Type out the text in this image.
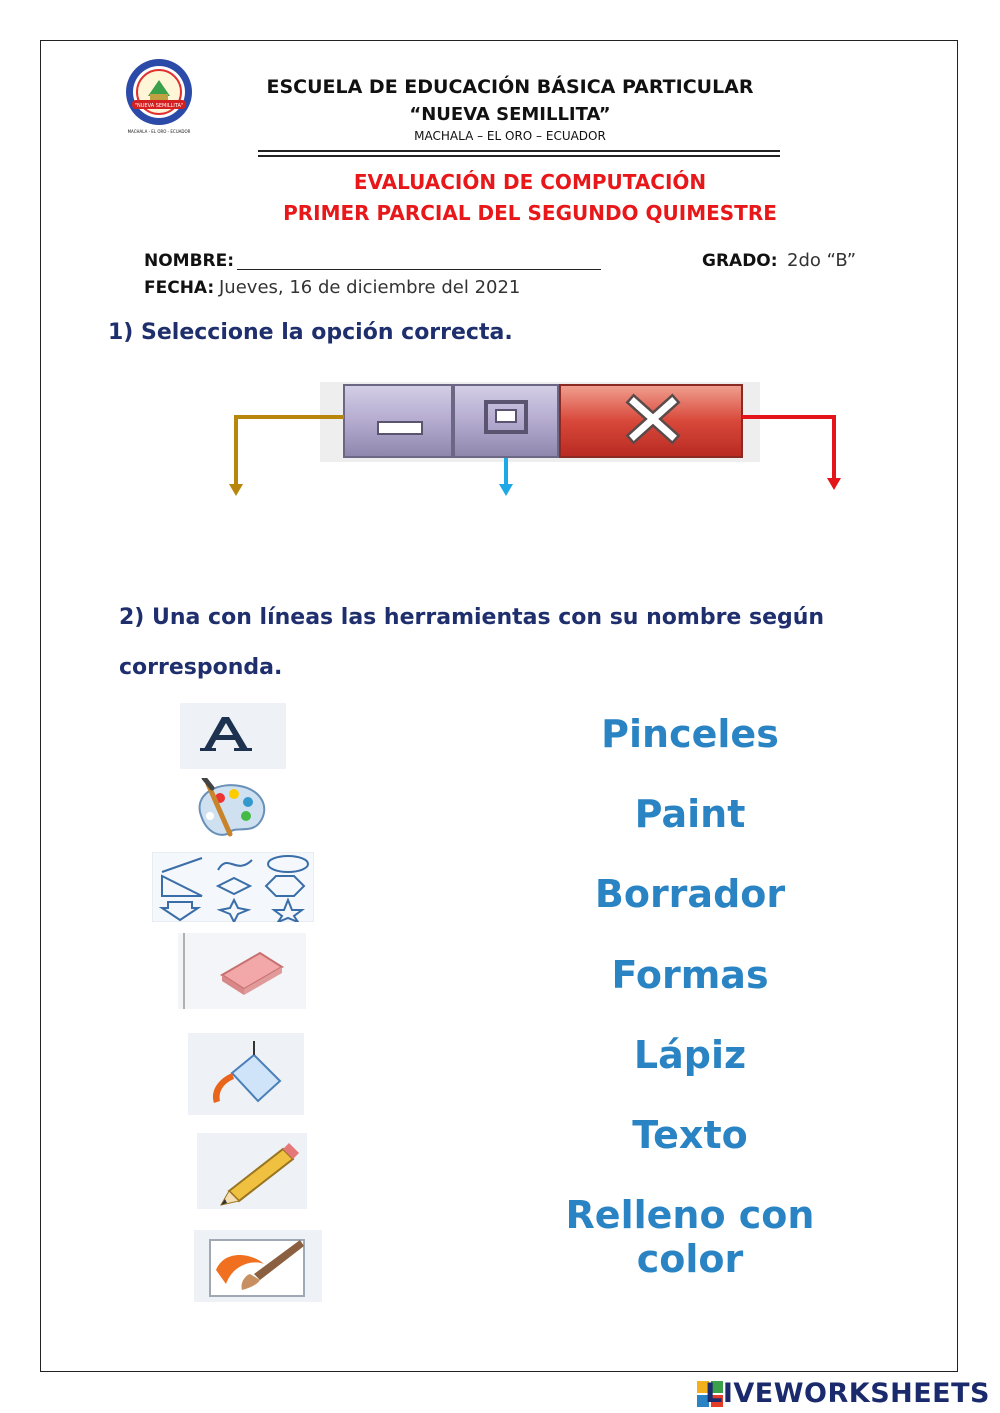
"NUEVA SEMILLITA"
MACHALA - EL ORO - ECUADOR
ESCUELA DE EDUCACIÓN BÁSICA PARTICULAR
“NUEVA SEMILLITA”
MACHALA – EL ORO – ECUADOR
EVALUACIÓN DE COMPUTACIÓN
PRIMER PARCIAL DEL SEGUNDO QUIMESTRE
NOMBRE:	GRADO: 2do “B”
FECHA: Jueves, 16 de diciembre del 2021
1) Seleccione la opción correcta.
2) Una con líneas las herramientas con su nombre según
corresponda.
Pinceles
Paint
Borrador
Formas
Lápiz
Texto
Relleno con color
LIVEWORKSHEETS
